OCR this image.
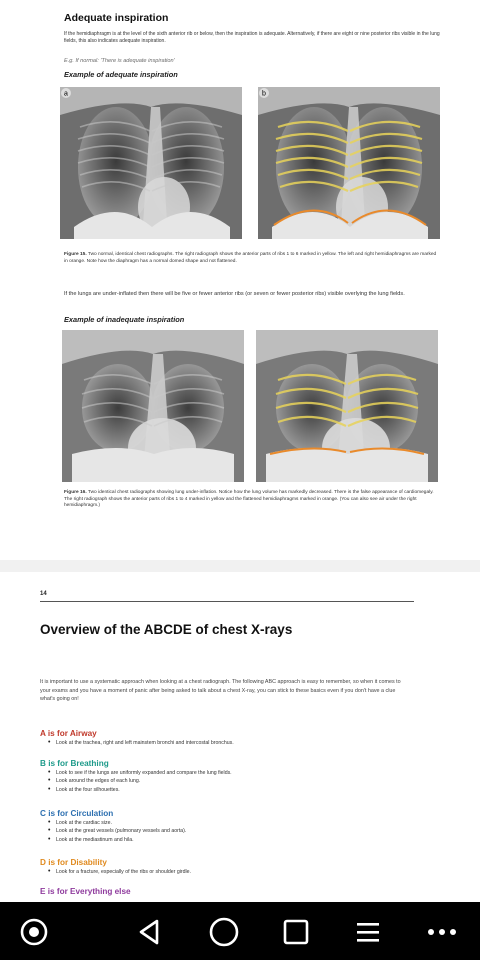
Adequate inspiration
If the hemidiaphragm is at the level of the sixth anterior rib or below, then the inspiration is adequate. Alternatively, if there are eight or nine posterior ribs visible in the lung fields, this also indicates adequate inspiration.
E.g. If normal: 'There is adequate inspiration'
Example of adequate inspiration
a	b
Figure 15. Two normal, identical chest radiographs. The right radiograph shows the anterior parts of ribs 1 to 6 marked in yellow. The left and right hemidiaphragms are marked in orange. Note how the diaphragm has a normal domed shape and not flattened.
If the lungs are under-inflated then there will be five or fewer anterior ribs (or seven or fewer posterior ribs) visible overlying the lung fields.
Example of inadequate inspiration
Figure 16. Two identical chest radiographs showing lung under-inflation. Notice how the lung volume has markedly decreased. There is the false appearance of cardiomegaly. The right radiograph shows the anterior parts of ribs 1 to 4 marked in yellow and the flattened hemidiaphragms marked in orange. (You can also see air under the right hemidiaphragm.)
14
Overview of the ABCDE of chest X-rays
It is important to use a systematic approach when looking at a chest radiograph. The following ABC approach is easy to remember, so when it comes to your exams and you have a moment of panic after being asked to talk about a chest X-ray, you can stick to these basics even if you don't have a clue what's going on!
A is for Airway
• Look at the trachea, right and left mainstem bronchi and intercostal bronchus.
B is for Breathing
• Look to see if the lungs are uniformly expanded and compare the lung fields.
• Look around the edges of each lung.
• Look at the four silhouettes.
C is for Circulation
• Look at the cardiac size.
• Look at the great vessels (pulmonary vessels and aorta).
• Look at the mediastinum and hila.
D is for Disability
• Look for a fracture, especially of the ribs or shoulder girdle.
E is for Everything else
